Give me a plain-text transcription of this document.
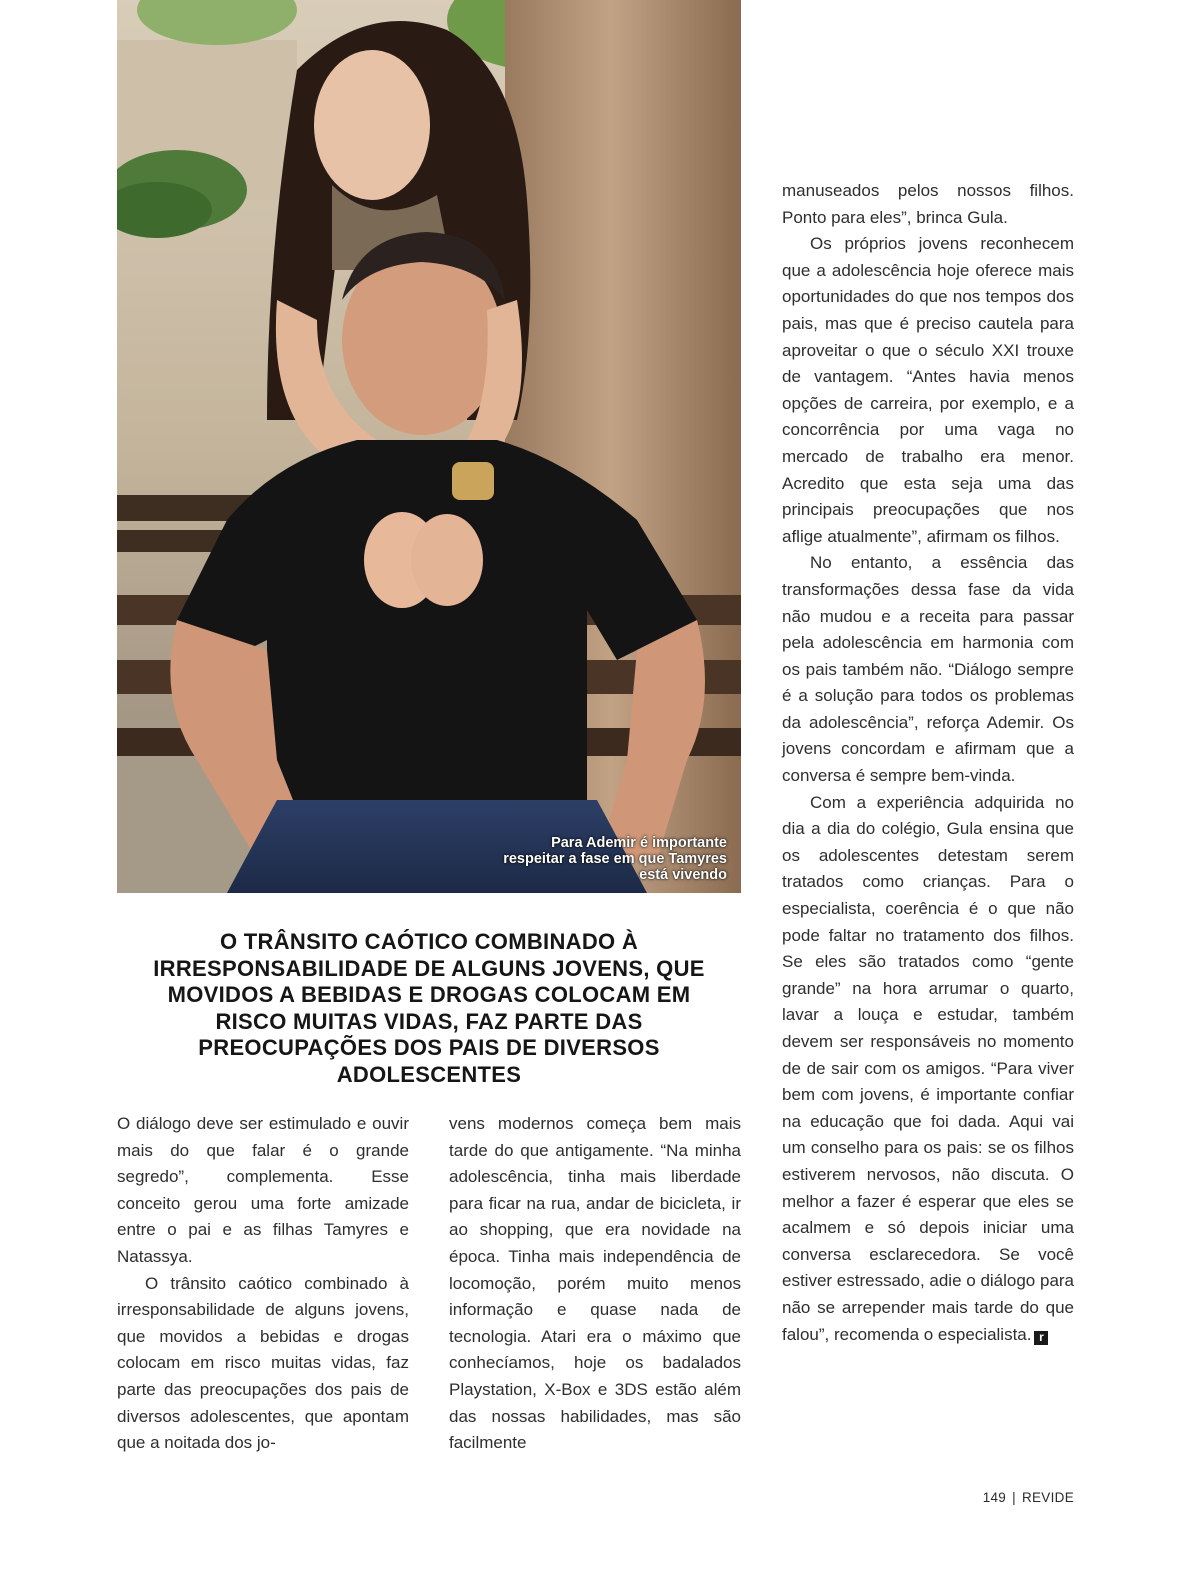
Para Ademir é importante respeitar a fase em que Tamyres está vivendo
O TRÂNSITO CAÓTICO COMBINADO À IRRESPONSABILIDADE DE ALGUNS JOVENS, QUE MOVIDOS A BEBIDAS E DROGAS COLOCAM EM RISCO MUITAS VIDAS, FAZ PARTE DAS PREOCUPAÇÕES DOS PAIS DE DIVERSOS ADOLESCENTES

O diálogo deve ser estimulado e ouvir mais do que falar é o grande segredo”, complementa. Esse conceito gerou uma forte amizade entre o pai e as filhas Tamyres e Natassya.

O trânsito caótico combinado à irresponsabilidade de alguns jovens, que movidos a bebidas e drogas colocam em risco muitas vidas, faz parte das preocupações dos pais de diversos adolescentes, que apontam que a noitada dos jo-

vens modernos começa bem mais tarde do que antigamente. “Na minha adolescência, tinha mais liberdade para ficar na rua, andar de bicicleta, ir ao shopping, que era novidade na época. Tinha mais independência de locomoção, porém muito menos informação e quase nada de tecnologia. Atari era o máximo que conhecíamos, hoje os badalados Playstation, X-Box e 3DS estão além das nossas habilidades, mas são facilmente

manuseados pelos nossos filhos. Ponto para eles”, brinca Gula.

Os próprios jovens reconhecem que a adolescência hoje oferece mais oportunidades do que nos tempos dos pais, mas que é preciso cautela para aproveitar o que o século XXI trouxe de vantagem. “Antes havia menos opções de carreira, por exemplo, e a concorrência por uma vaga no mercado de trabalho era menor. Acredito que esta seja uma das principais preocupações que nos aflige atualmente”, afirmam os filhos.

No entanto, a essência das transformações dessa fase da vida não mudou e a receita para passar pela adolescência em harmonia com os pais também não. “Diálogo sempre é a solução para todos os problemas da adolescência”, reforça Ademir. Os jovens concordam e afirmam que a conversa é sempre bem-vinda.

Com a experiência adquirida no dia a dia do colégio, Gula ensina que os adolescentes detestam serem tratados como crianças. Para o especialista, coerência é o que não pode faltar no tratamento dos filhos. Se eles são tratados como “gente grande” na hora arrumar o quarto, lavar a louça e estudar, também devem ser responsáveis no momento de de sair com os amigos. “Para viver bem com jovens, é importante confiar na educação que foi dada. Aqui vai um conselho para os pais: se os filhos estiverem nervosos, não discuta. O melhor a fazer é esperar que eles se acalmem e só depois iniciar uma conversa esclarecedora. Se você estiver estressado, adie o diálogo para não se arrepender mais tarde do que falou”, recomenda o especialista. r

149 | REVIDE
